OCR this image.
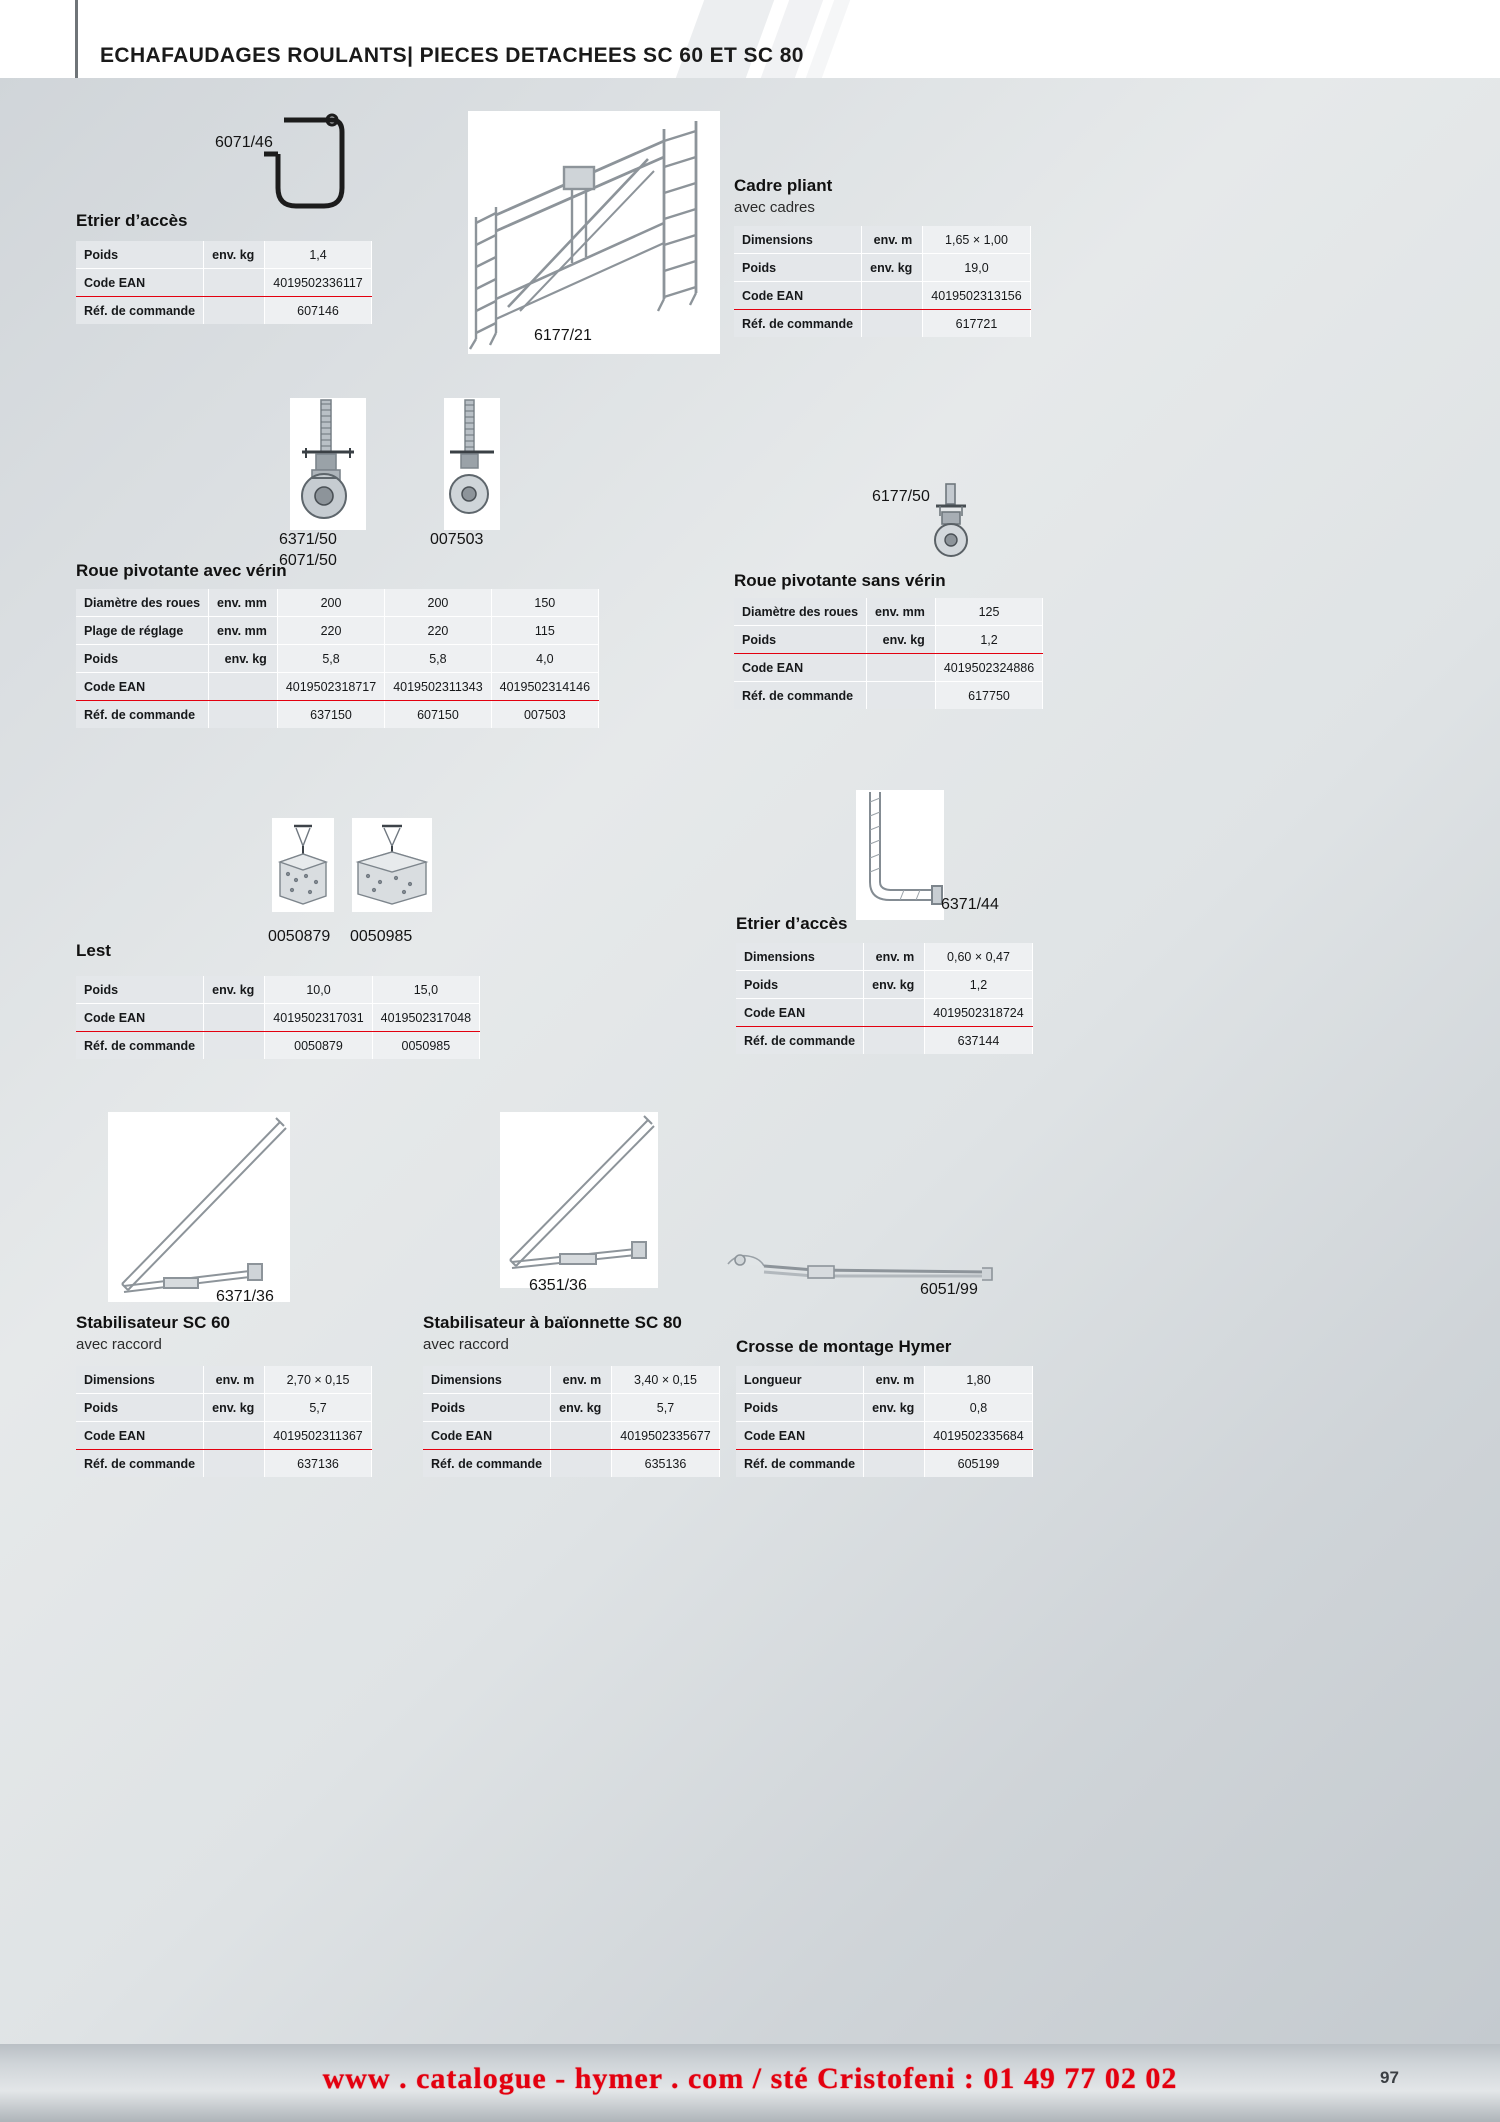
ECHAFAUDAGES ROULANTS| PIECES DETACHEES SC 60 ET SC 80
6071/46
Etrier d’accès
Poids	env. kg	1,4
Code EAN		4019502336117
Réf. de commande		607146
6177/21
Cadre pliant
avec cadres
Dimensions	env. m	1,65 × 1,00
Poids	env. kg	19,0
Code EAN		4019502313156
Réf. de commande		617721
6371/50
6071/50
007503
Roue pivotante avec vérin
Diamètre des roues	env. mm	200	200	150
Plage de réglage	env. mm	220	220	115
Poids	env. kg	5,8	5,8	4,0
Code EAN		4019502318717	4019502311343	4019502314146
Réf. de commande		637150	607150	007503
6177/50
Roue pivotante sans vérin
Diamètre des roues	env. mm	125
Poids	env. kg	1,2
Code EAN		4019502324886
Réf. de commande		617750
0050879 0050985
Lest
Poids	env. kg	10,0	15,0
Code EAN		4019502317031	4019502317048
Réf. de commande		0050879	0050985
6371/44
Etrier d’accès
Dimensions	env. m	0,60 × 0,47
Poids	env. kg	1,2
Code EAN		4019502318724
Réf. de commande		637144
6371/36
Stabilisateur SC 60
avec raccord
Dimensions	env. m	2,70 × 0,15
Poids	env. kg	5,7
Code EAN		4019502311367
Réf. de commande		637136
6351/36
Stabilisateur à baïonnette SC 80
avec raccord
Dimensions	env. m	3,40 × 0,15
Poids	env. kg	5,7
Code EAN		4019502335677
Réf. de commande		635136
6051/99
Crosse de montage Hymer
Longueur	env. m	1,80
Poids	env. kg	0,8
Code EAN		4019502335684
Réf. de commande		605199
www . catalogue - hymer . com / sté Cristofeni : 01 49 77 02 02	97
